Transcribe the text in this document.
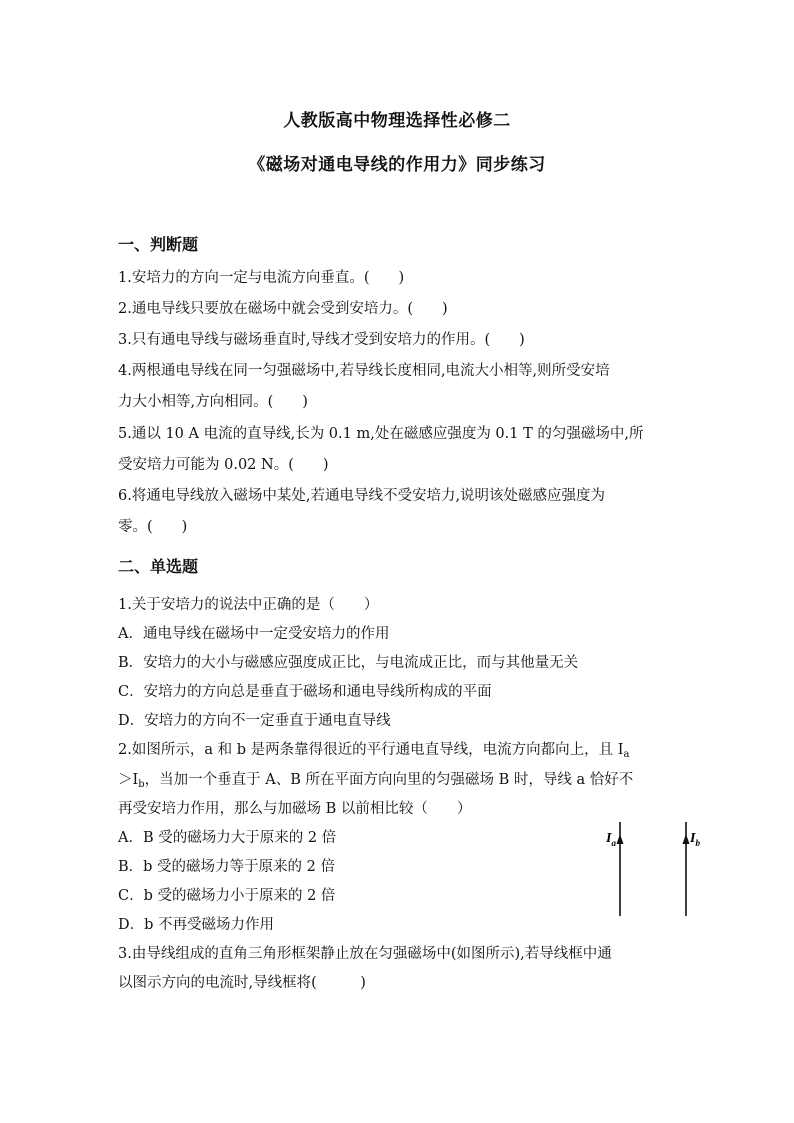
人教版高中物理选择性必修二
《磁场对通电导线的作用力》同步练习
一、判断题
1.安培力的方向一定与电流方向垂直。(　　)
2.通电导线只要放在磁场中就会受到安培力。(　　)
3.只有通电导线与磁场垂直时,导线才受到安培力的作用。(　　)
4.两根通电导线在同一匀强磁场中,若导线长度相同,电流大小相等,则所受安培
力大小相等,方向相同。(　　)
5.通以 10 A 电流的直导线,长为 0.1 m,处在磁感应强度为 0.1 T 的匀强磁场中,所
受安培力可能为 0.02 N。(　　)
6.将通电导线放入磁场中某处,若通电导线不受安培力,说明该处磁感应强度为
零。(　　)
二、单选题
1.关于安培力的说法中正确的是（　　）
A．通电导线在磁场中一定受安培力的作用
B．安培力的大小与磁感应强度成正比，与电流成正比，而与其他量无关
C．安培力的方向总是垂直于磁场和通电导线所构成的平面
D．安培力的方向不一定垂直于通电直导线
2.如图所示，a 和 b 是两条靠得很近的平行通电直导线，电流方向都向上，且 $I_a$
$>I_b$，当加一个垂直于 A、B 所在平面方向向里的匀强磁场 B 时，导线 a 恰好不
再受安培力作用，那么与加磁场 B 以前相比较（　　）
A．B 受的磁场力大于原来的 2 倍
B．b 受的磁场力等于原来的 2 倍
C．b 受的磁场力小于原来的 2 倍
D．b 不再受磁场力作用
$I_a$	$I_b$
3.由导线组成的直角三角形框架静止放在匀强磁场中(如图所示),若导线框中通
以图示方向的电流时,导线框将(　　　)
